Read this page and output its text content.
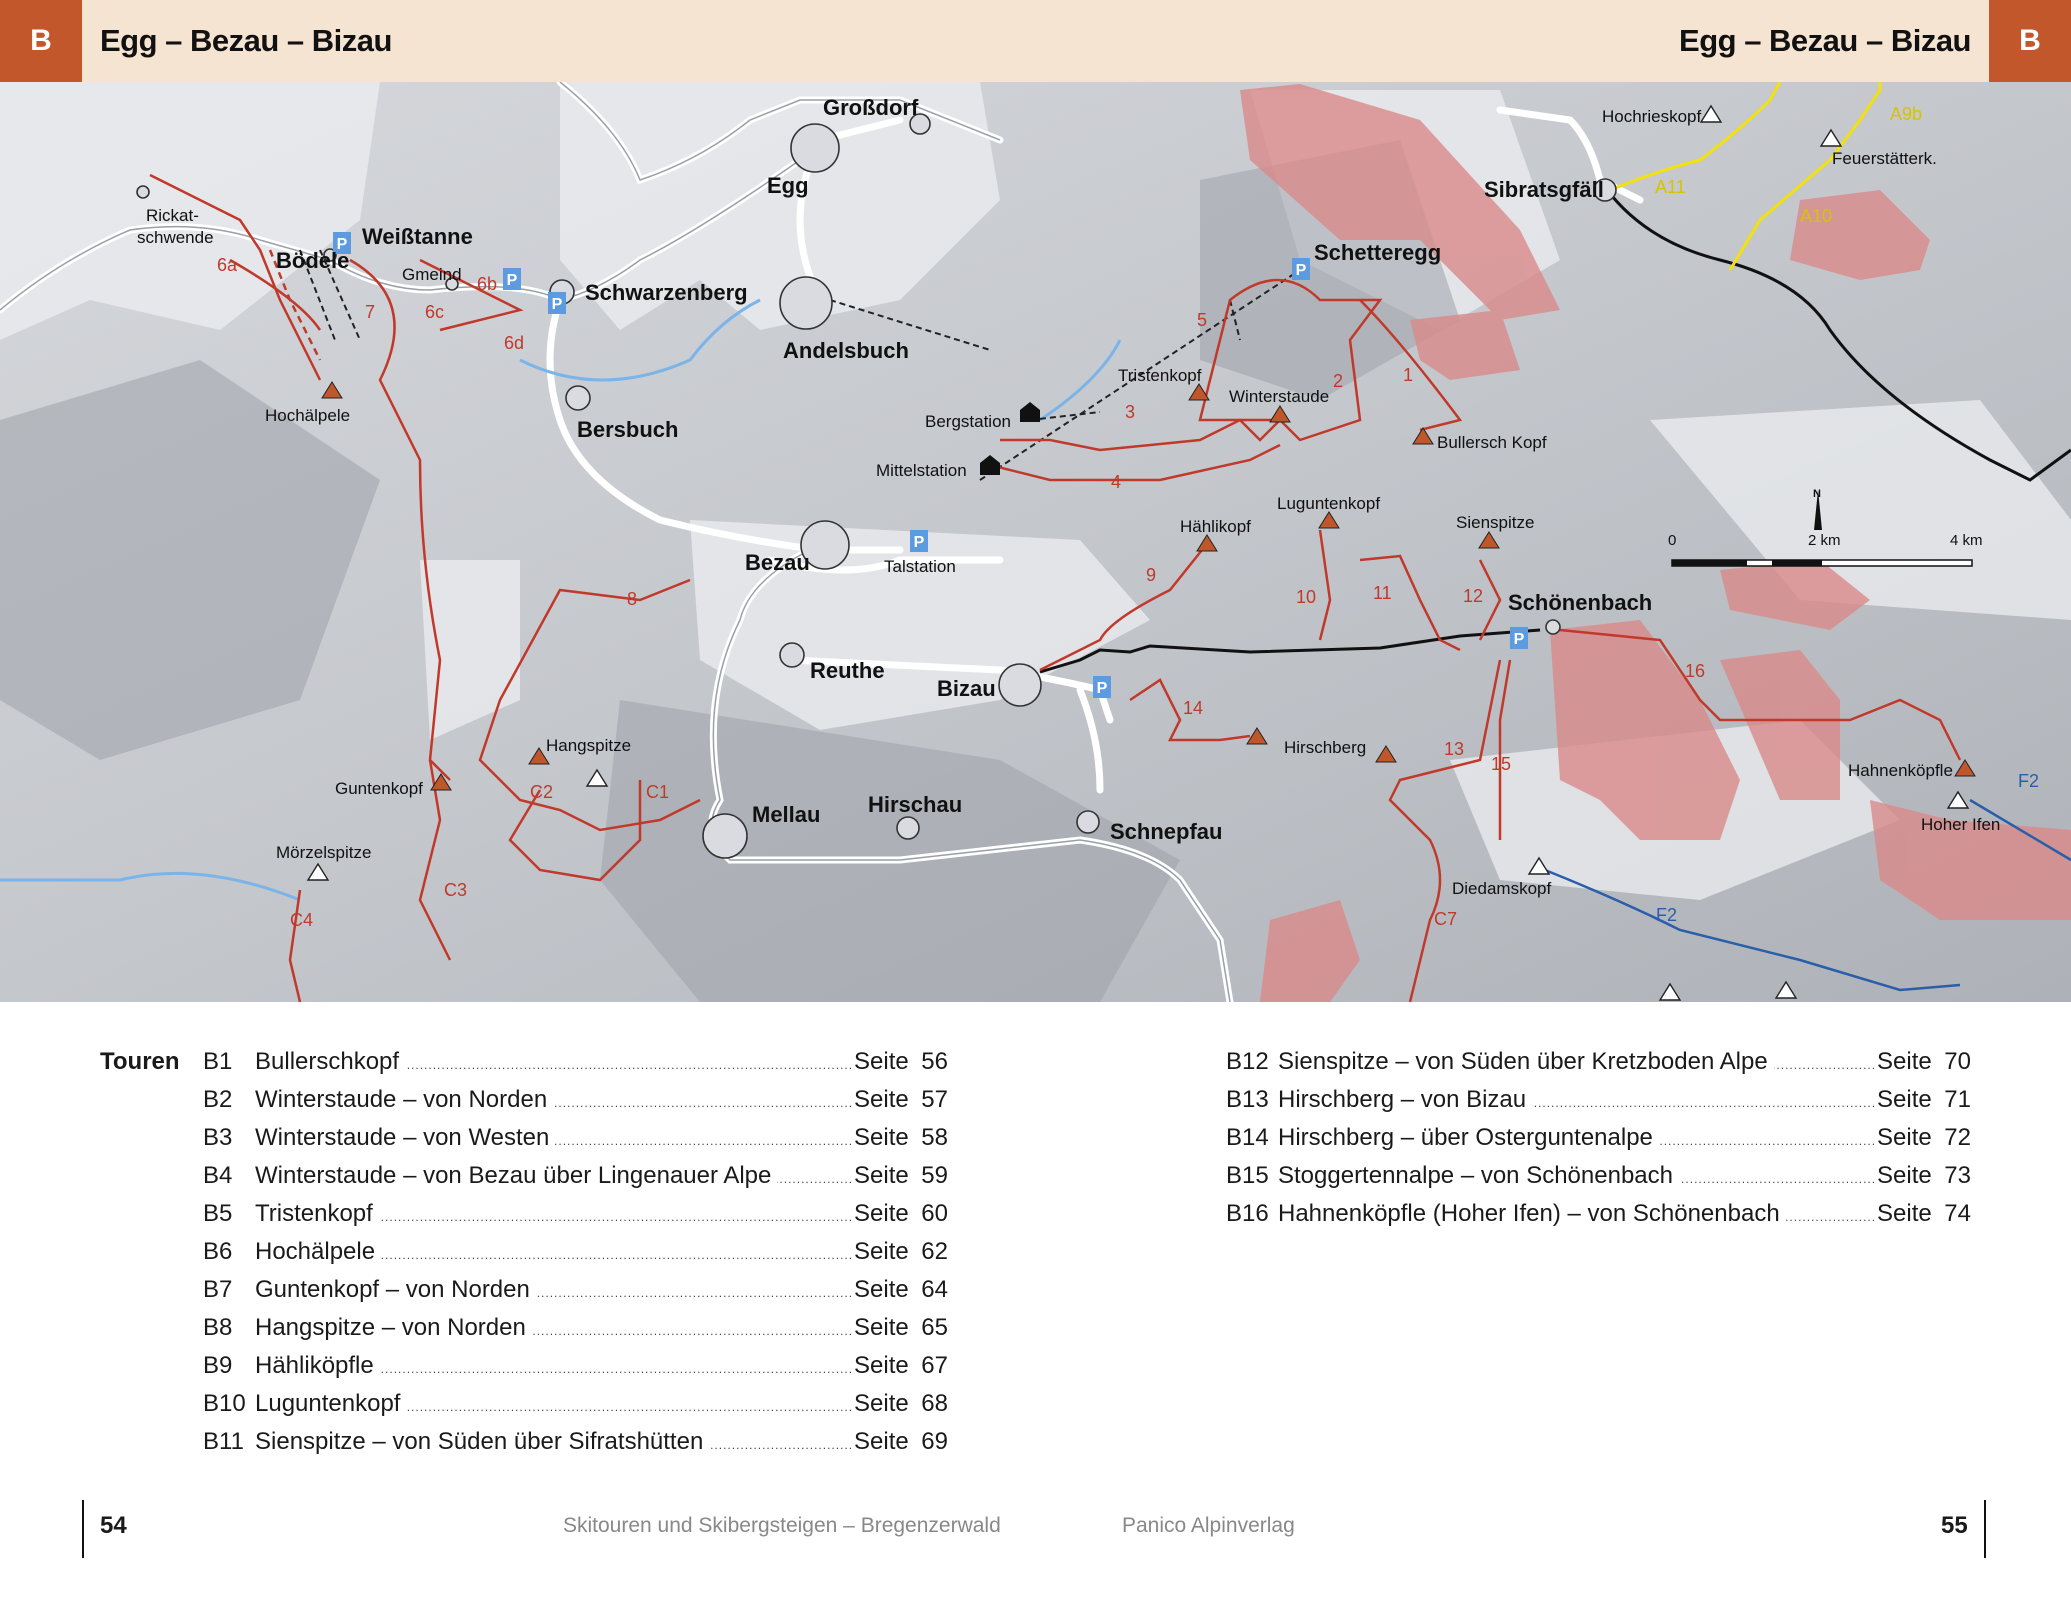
B	Egg – Bezau – Bizau	Egg – Bezau – Bizau	B
0	2 km	4 km
N
P
P
P
P
P
P
P
Großdorf
Egg
Schwarzenberg
Andelsbuch
Bersbuch
Bezau
Reuthe
Bizau
Mellau Hirschau
Schnepfau
Sibratsgfäll
Schönenbach
Schetteregg
Bödele
Weißtanne
Rickat-
schwende
Gmeind
Bergstation
Mittelstation
Talstation
Hochälpele
Tristenkopf
Winterstaude
Bullersch Kopf
Hählikopf
Luguntenkopf
Sienspitze
Hirschberg
Hangspitze
Guntenkopf
Mörzelspitze
Diedamskopf
Hahnenköpfle
Hoher Ifen
Hochrieskopf
Feuerstätterk.
1
2
3
4
5
6a
6b
6c
6d
7
8
9
10	11	12
13
14
15
16
C1
C2
C3
C4	C7
A9b
A11
A10
F2
F2
Touren B1 Bullerschkopf .....	Seite 56
B2 Winterstaude – von Norden .....	Seite 57
B3 Winterstaude – von Westen .....	Seite 58
B4 Winterstaude – von Bezau über Lingenauer Alpe .....	Seite 59
B5 Tristenkopf .....	Seite 60
B6 Hochälpele .....	Seite 62
B7 Guntenkopf – von Norden .....	Seite 64
B8 Hangspitze – von Norden .....	Seite 65
B9 Hähliköpfle .....	Seite 67
B10 Luguntenkopf .....	Seite 68
B11 Sienspitze – von Süden über Sifratshütten .....	Seite 69
B12 Sienspitze – von Süden über Kretzboden Alpe .....	Seite 70
B13 Hirschberg – von Bizau .....	Seite 71
B14 Hirschberg – über Osterguntenalpe .....	Seite 72
B15 Stoggertennalpe – von Schönenbach .....	Seite 73
B16 Hahnenköpfle (Hoher Ifen) – von Schönenbach .....	Seite 74
54	Skitouren und Skibergsteigen – Bregenzerwald	Panico Alpinverlag	55
